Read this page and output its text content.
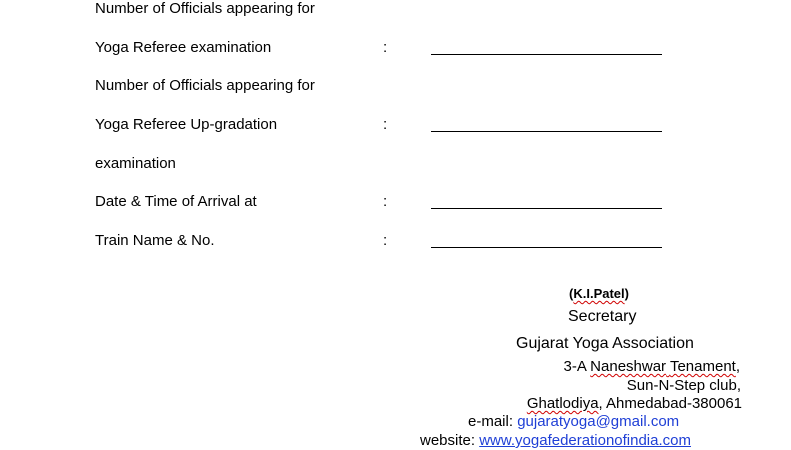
Number of Officials appearing for
Yoga Referee examination	:
Number of Officials appearing for
Yoga Referee Up-gradation	:
examination
Date & Time of Arrival at	:
Train Name & No.	:
(K.I.Patel)
Secretary
Gujarat Yoga Association
3-A Naneshwar Tenament,
Sun-N-Step club,
Ghatlodiya, Ahmedabad-380061
e-mail: gujaratyoga@gmail.com
website: www.yogafederationofindia.com
